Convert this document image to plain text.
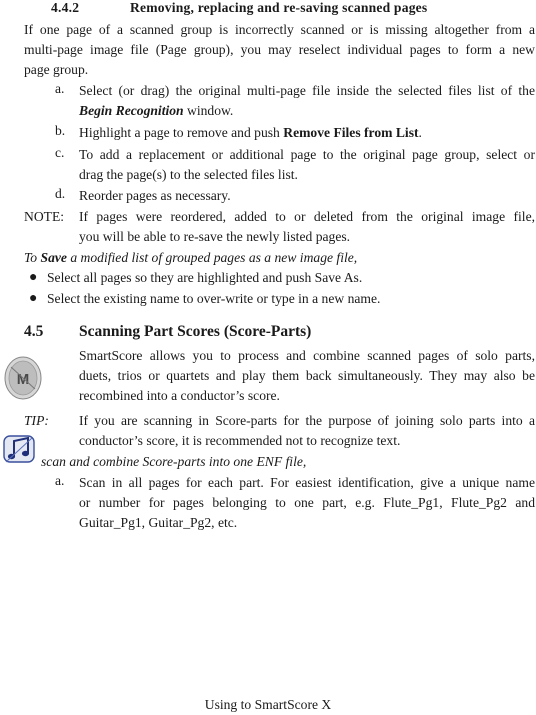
4.4.2	Removing, replacing and re-saving scanned pages
If one page of a scanned group is incorrectly scanned or is missing altogether from a
multi-page image file (Page group), you may reselect individual pages to form a new
page group.
a. Select (or drag) the original multi-page file inside the selected files list of the
Begin Recognition window.
b. Highlight a page to remove and push Remove Files from List.
c. To add a replacement or additional page to the original page group, select or
drag the page(s) to the selected files list.
d. Reorder pages as necessary.
NOTE: If pages were reordered, added to or deleted from the original image file,
you will be able to re-save the newly listed pages.
To Save a modified list of grouped pages as a new image file,
● Select all pages so they are highlighted and push Save As.
● Select the existing name to over-write or type in a new name.
4.5 Scanning Part Scores (Score-Parts)
M
SmartScore allows you to process and combine scanned pages of solo parts,
duets, trios or quartets and play them back simultaneously. They may also be
recombined into a conductor’s score.
TIP: If you are scanning in Score-parts for the purpose of joining solo parts into a
conductor’s score, it is recommended not to recognize text.
scan and combine Score-parts into one ENF file,
a. Scan in all pages for each part. For easiest identification, give a unique name
or number for pages belonging to one part, e.g. Flute_Pg1, Flute_Pg2 and
Guitar_Pg1, Guitar_Pg2, etc.
Using to SmartScore X
